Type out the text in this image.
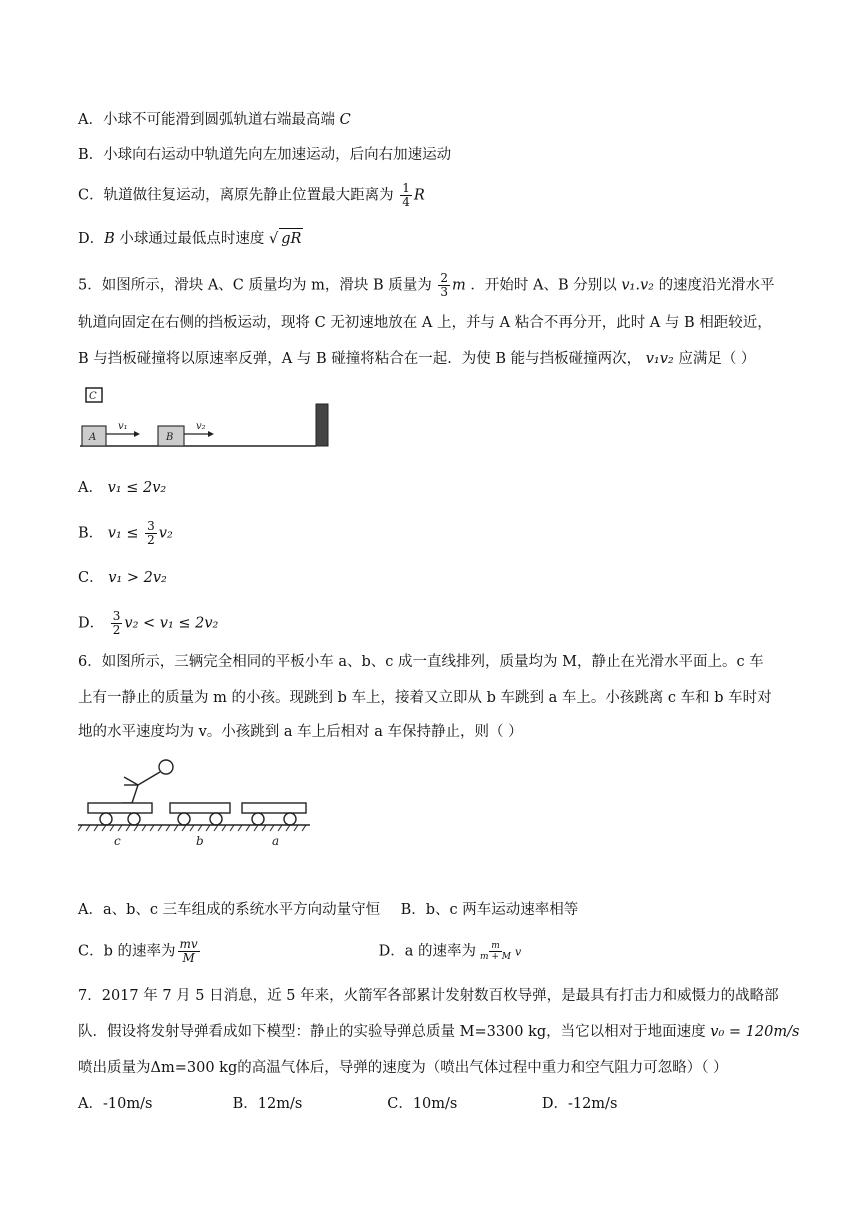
A．小球不可能滑到圆弧轨道右端最高端 C
B．小球向右运动中轨道先向左加速运动，后向右加速运动
C．轨道做往复运动，离原先静止位置最大距离为 $\frac{1}{4}$ R
D．B 小球通过最低点时速度 √ gR
5．如图所示，滑块 A、C 质量均为 m，滑块 B 质量为 $\frac{2}{3}$ m ．开始时 A、B 分别以 v₁.v₂ 的速度沿光滑水平
轨道向固定在右侧的挡板运动，现将 C 无初速地放在 A 上，并与 A 粘合不再分开，此时 A 与 B 相距较近，
B 与挡板碰撞将以原速率反弹，A 与 B 碰撞将粘合在一起．为使 B 能与挡板碰撞两次， v₁v₂ 应满足（ ）
C
A
v₁
B
v₂
A． v₁ ≤ 2v₂
B． $v_1 \le \frac{3}{2} v_2$
C． v₁ > 2v₂
D． $\frac{3}{2} v_2 < v_1 \le 2v_2$
6．如图所示，三辆完全相同的平板小车 a、b、c 成一直线排列，质量均为 M，静止在光滑水平面上。c 车
上有一静止的质量为 m 的小孩。现跳到 b 车上，接着又立即从 b 车跳到 a 车上。小孩跳离 c 车和 b 车时对
地的水平速度均为 v。小孩跳到 a 车上后相对 a 车保持静止，则（ ）
c	b	a
A．a、b、c 三车组成的系统水平方向动量守恒 B．b、c 两车运动速率相等
C．b 的速率为 $\frac{mv}{M}$	D．a 的速率为 $\frac{m}{m + M}$ v
7．2017 年 7 月 5 日消息，近 5 年来，火箭军各部累计发射数百枚导弹，是最具有打击力和威慑力的战略部
队．假设将发射导弹看成如下模型：静止的实验导弹总质量 M=3300 kg，当它以相对于地面速度 v₀ = 120m/s
喷出质量为Δm=300 kg的高温气体后，导弹的速度为（喷出气体过程中重力和空气阻力可忽略）（ ）
A．-10m/s	B．12m/s	C．10m/s	D．-12m/s
